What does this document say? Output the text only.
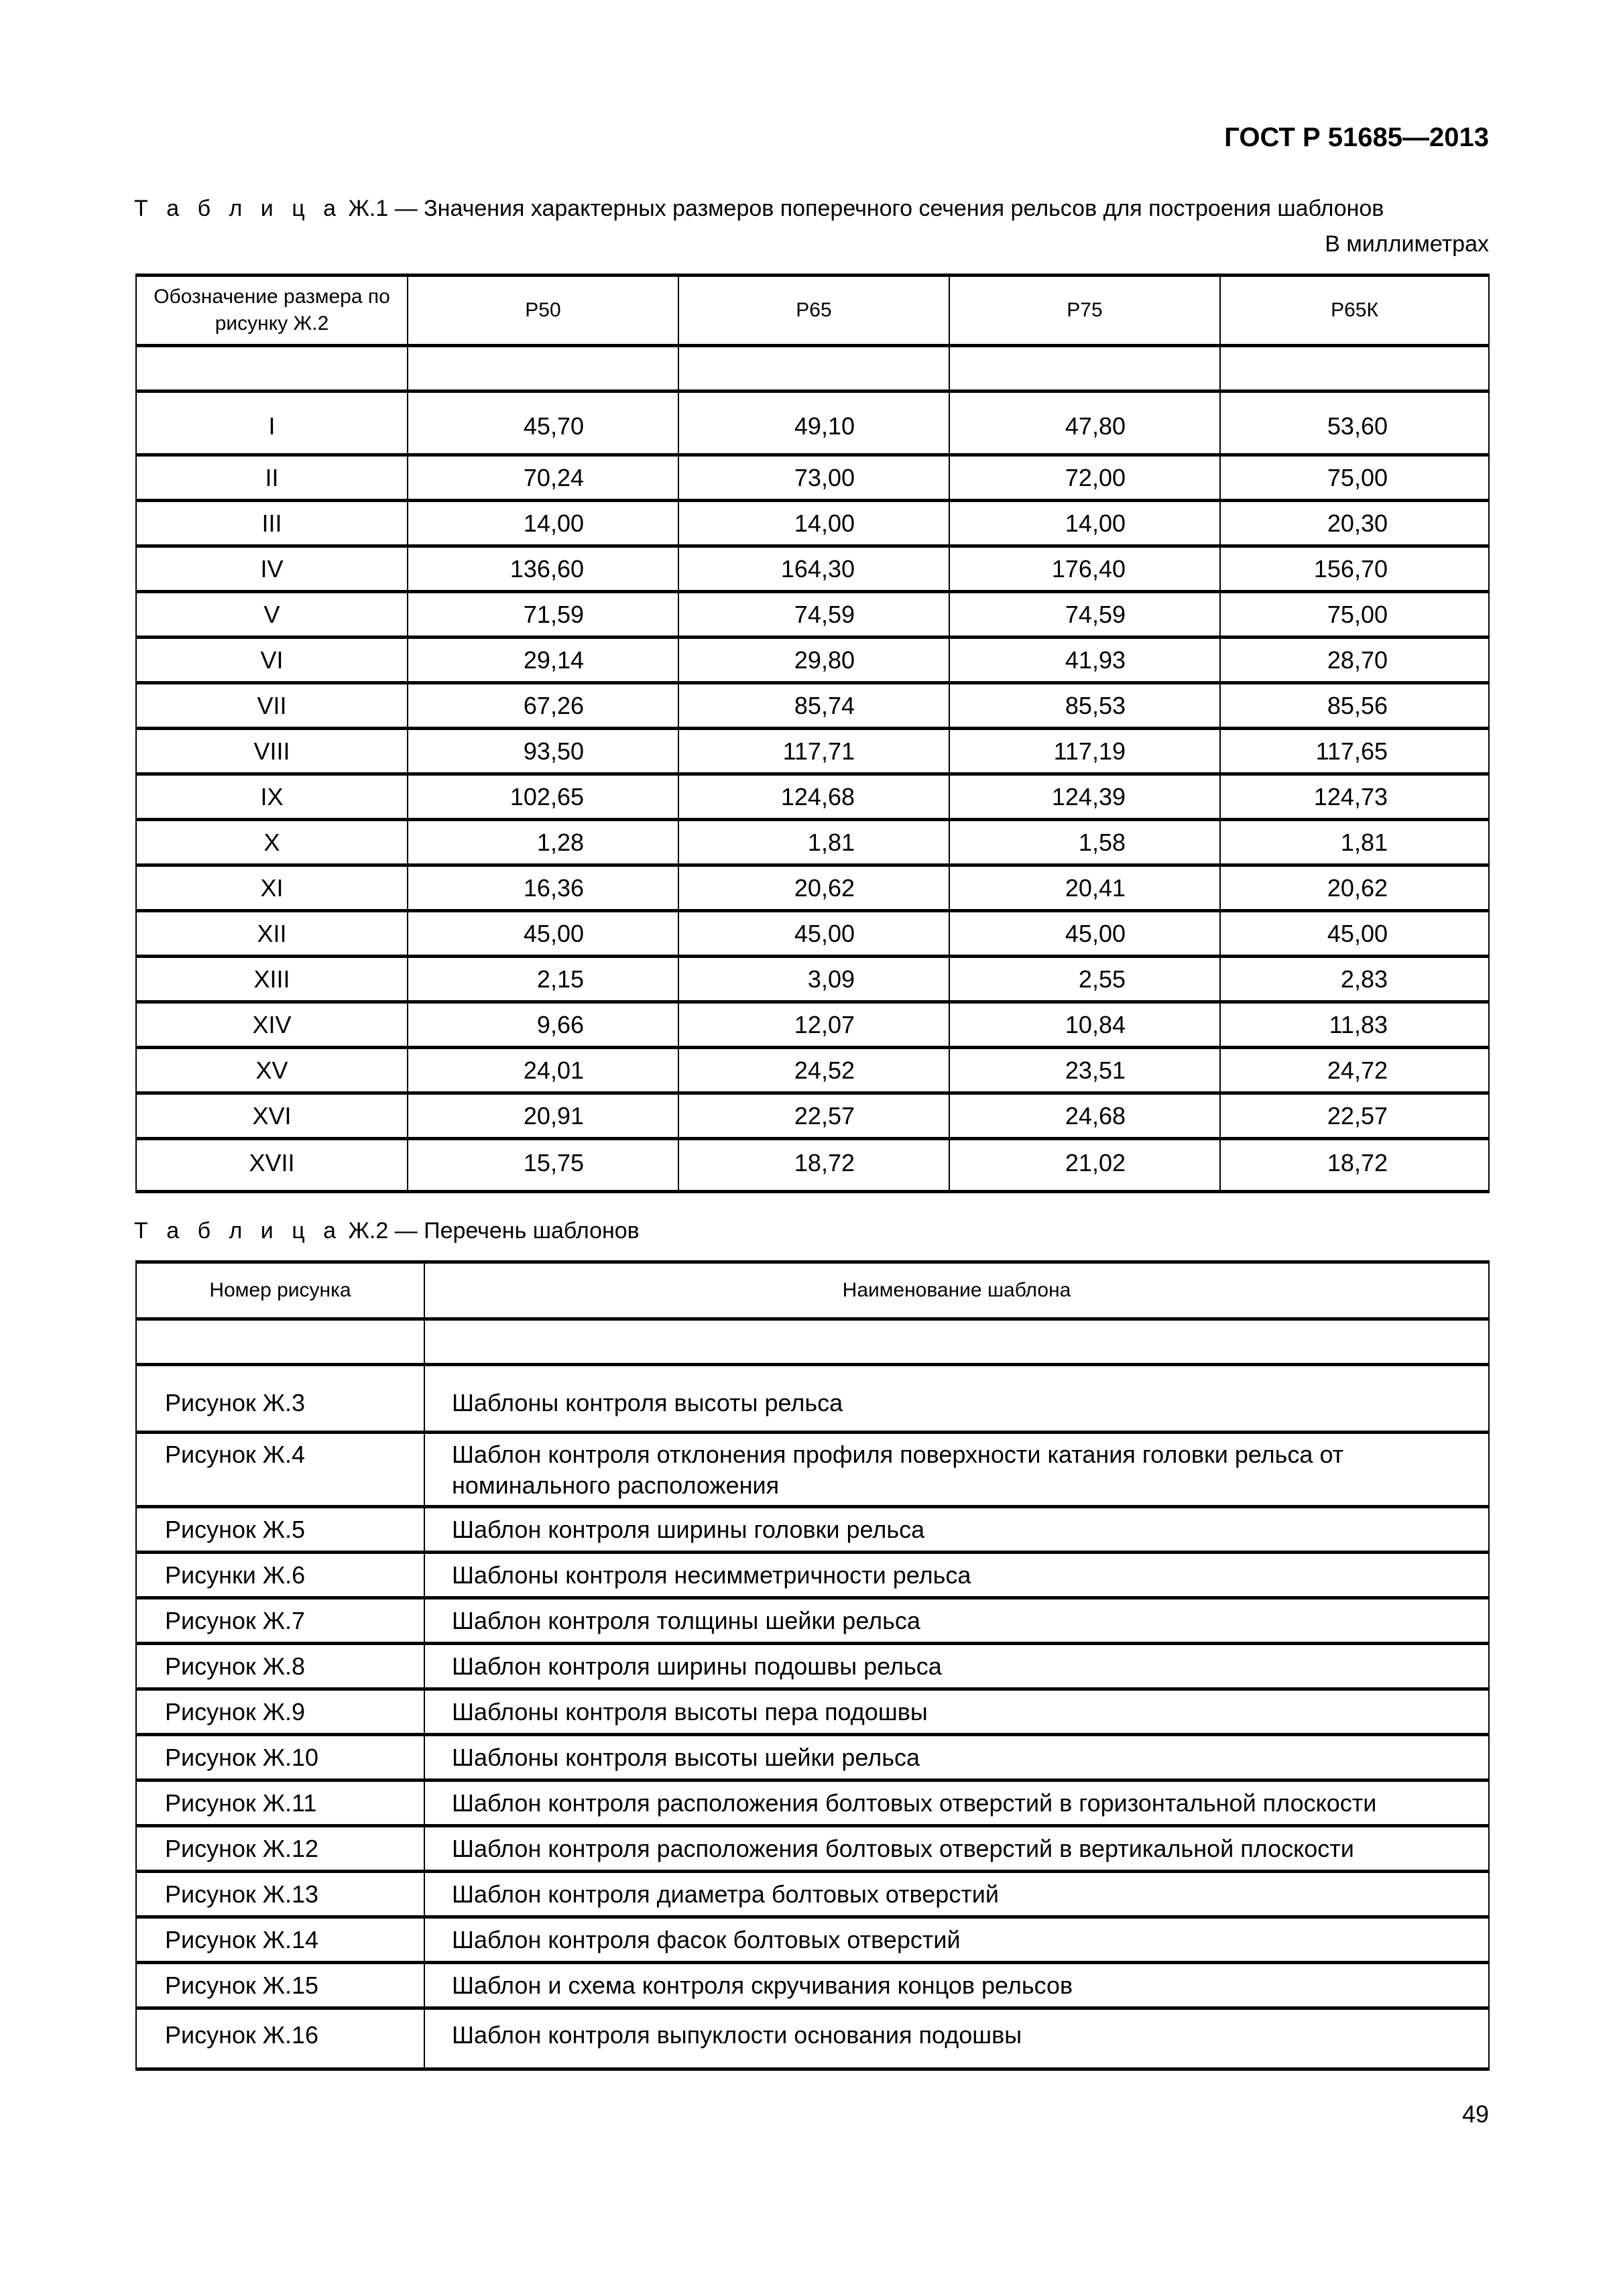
ГОСТ Р 51685—2013
Т а б л и ц а Ж.1 — Значения характерных размеров поперечного сечения рельсов для построения шаблонов
В миллиметрах
Обозначение размера по рисунку Ж.2	Р50	Р65	Р75	Р65К

I	45,70	49,10	47,80	53,60
II	70,24	73,00	72,00	75,00
III	14,00	14,00	14,00	20,30
IV	136,60	164,30	176,40	156,70
V	71,59	74,59	74,59	75,00
VI	29,14	29,80	41,93	28,70
VII	67,26	85,74	85,53	85,56
VIII	93,50	117,71	117,19	117,65
IX	102,65	124,68	124,39	124,73
X	1,28	1,81	1,58	1,81
XI	16,36	20,62	20,41	20,62
XII	45,00	45,00	45,00	45,00
XIII	2,15	3,09	2,55	2,83
XIV	9,66	12,07	10,84	11,83
XV	24,01	24,52	23,51	24,72
XVI	20,91	22,57	24,68	22,57
XVII	15,75	18,72	21,02	18,72
Т а б л и ц а Ж.2 — Перечень шаблонов
Номер рисунка	Наименование шаблона

Рисунок Ж.3	Шаблоны контроля высоты рельса
Рисунок Ж.4	Шаблон контроля отклонения профиля поверхности катания головки рельса от номинального расположения
Рисунок Ж.5	Шаблон контроля ширины головки рельса
Рисунки Ж.6	Шаблоны контроля несимметричности рельса
Рисунок Ж.7	Шаблон контроля толщины шейки рельса
Рисунок Ж.8	Шаблон контроля ширины подошвы рельса
Рисунок Ж.9	Шаблоны контроля высоты пера подошвы
Рисунок Ж.10	Шаблоны контроля высоты шейки рельса
Рисунок Ж.11	Шаблон контроля расположения болтовых отверстий в горизонтальной плоскости
Рисунок Ж.12	Шаблон контроля расположения болтовых отверстий в вертикальной плоскости
Рисунок Ж.13	Шаблон контроля диаметра болтовых отверстий
Рисунок Ж.14	Шаблон контроля фасок болтовых отверстий
Рисунок Ж.15	Шаблон и схема контроля скручивания концов рельсов
Рисунок Ж.16	Шаблон контроля выпуклости основания подошвы
49
